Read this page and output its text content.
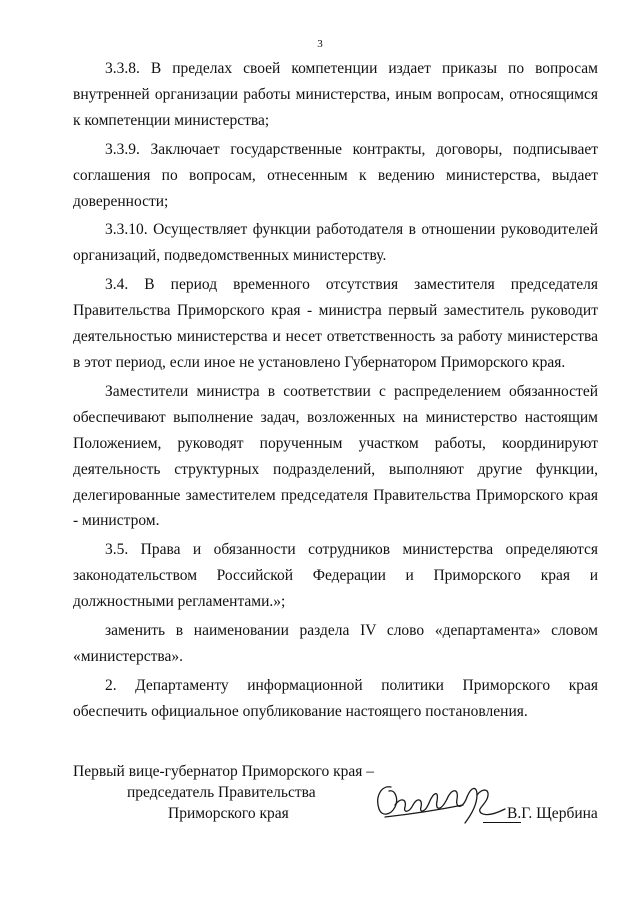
3

3.3.8. В пределах своей компетенции издает приказы по вопросам внутренней организации работы министерства, иным вопросам, относящимся к компетенции министерства;

3.3.9. Заключает государственные контракты, договоры, подписывает соглашения по вопросам, отнесенным к ведению министерства, выдает доверенности;

3.3.10. Осуществляет функции работодателя в отношении руководителей организаций, подведомственных министерству.

3.4. В период временного отсутствия заместителя председателя Правительства Приморского края - министра первый заместитель руководит деятельностью министерства и несет ответственность за работу министерства в этот период, если иное не установлено Губернатором Приморского края.

Заместители министра в соответствии с распределением обязанностей обеспечивают выполнение задач, возложенных на министерство настоящим Положением, руководят порученным участком работы, координируют деятельность структурных подразделений, выполняют другие функции, делегированные заместителем председателя Правительства Приморского края - министром.

3.5. Права и обязанности сотрудников министерства определяются законодательством Российской Федерации и Приморского края и должностными регламентами.»;

заменить в наименовании раздела IV слово «департамента» словом «министерства».

2. Департаменту информационной политики Приморского края обеспечить официальное опубликование настоящего постановления.

Первый вице-губернатор Приморского края –
председатель Правительства
Приморского края	В.Г. Щербина
